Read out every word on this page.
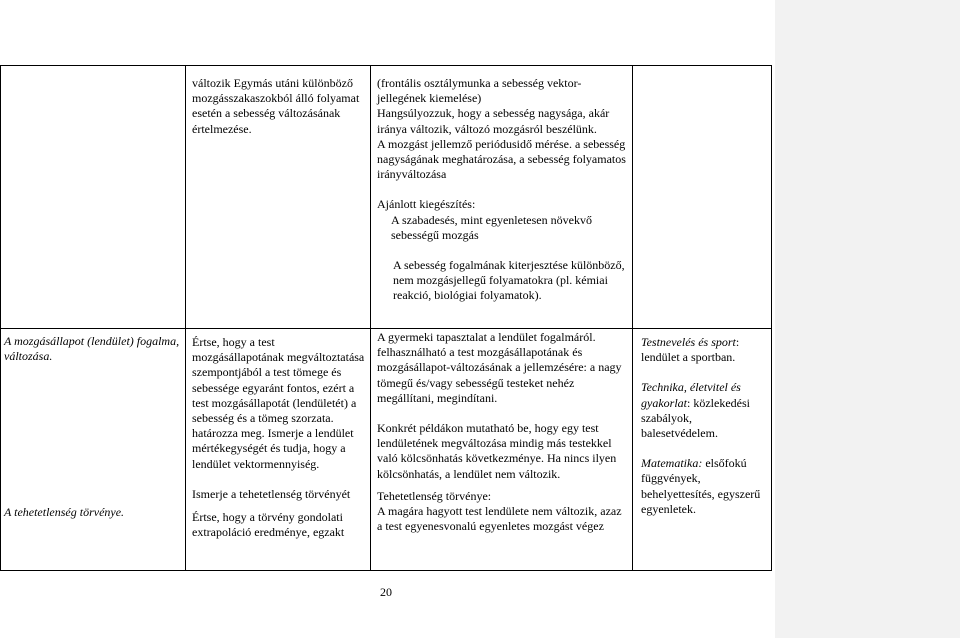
változik Egymás utáni különböző mozgásszakaszokból álló folyamat esetén a sebesség változásának értelmezése.

(frontális osztálymunka a sebesség vektor-jellegének kiemelése)

Hangsúlyozzuk, hogy a sebesség nagysága, akár iránya változik, változó mozgásról beszélünk.

A mozgást jellemző periódusidő mérése. a sebesség nagyságának meghatározása, a sebesség folyamatos irányváltozása

Ajánlott kiegészítés:

A szabadesés, mint egyenletesen növekvő sebességű mozgás

A sebesség fogalmának kiterjesztése különböző, nem mozgásjellegű folyamatokra (pl. kémiai reakció, biológiai folyamatok).

A mozgásállapot (lendület) fogalma, változása.

A tehetetlenség törvénye.

Értse, hogy a test mozgásállapotának megváltoztatása szempontjából a test tömege és sebessége egyaránt fontos, ezért a test mozgásállapotát (lendületét) a sebesség és a tömeg szorzata. határozza meg. Ismerje a lendület mértékegységét és tudja, hogy a lendület vektormennyiség.

Ismerje a tehetetlenség törvényét

Értse, hogy a törvény gondolati extrapoláció eredménye, egzakt

A gyermeki tapasztalat a lendület fogalmáról. felhasználható a test mozgásállapotának és mozgásállapot-változásának a jellemzésére: a nagy tömegű és/vagy sebességű testeket nehéz megállítani, megindítani.

Konkrét példákon mutatható be, hogy egy test lendületének megváltozása mindig más testekkel való kölcsönhatás következménye. Ha nincs ilyen kölcsönhatás, a lendület nem változik.

Tehetetlenség törvénye:

A magára hagyott test lendülete nem változik, azaz a test egyenesvonalú egyenletes mozgást végez

Testnevelés és sport: lendület a sportban.

Technika, életvitel és gyakorlat: közlekedési szabályok, balesetvédelem.

Matematika: elsőfokú függvények, behelyettesítés, egyszerű egyenletek.

20
